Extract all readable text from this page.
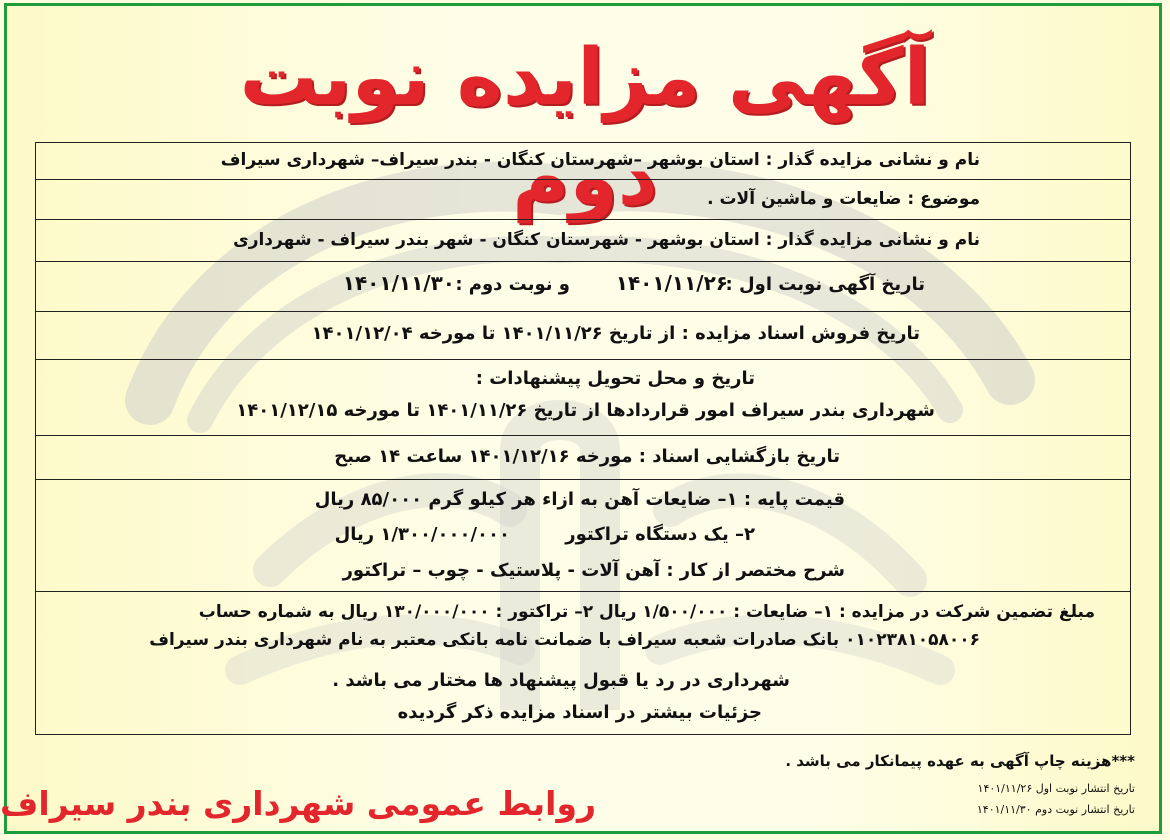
آگهی مزایده نوبت دوم
نام و نشانی مزایده گذار : استان بوشهر –شهرستان کنگان - بندر سیراف– شهرداری سیراف
موضوع : ضایعات و ماشین آلات .
نام و نشانی مزایده گذار : استان بوشهر - شهرستان کنگان - شهر بندر سیراف - شهرداری
تاریخ آگهی نوبت اول :
۱۴۰۱/۱۱/۲۶
و نوبت دوم :
۱۴۰۱/۱۱/۳۰
تاریخ فروش اسناد مزایده : از تاریخ ۱۴۰۱/۱۱/۲۶ تا مورخه ۱۴۰۱/۱۲/۰۴
تاریخ و محل تحویل پیشنهادات :
شهرداری بندر سیراف امور قراردادها از تاریخ ۱۴۰۱/۱۱/۲۶ تا مورخه ۱۴۰۱/۱۲/۱۵
تاریخ بازگشایی اسناد : مورخه ۱۴۰۱/۱۲/۱۶ ساعت ۱۴ صبح
قیمت پایه : ۱– ضایعات آهن به ازاء هر کیلو گرم ۸۵/۰۰۰ ریال
۲– یک دستگاه تراکتور
۱/۳۰۰/۰۰۰/۰۰۰ ریال
شرح مختصر از کار : آهن آلات - پلاستیک - چوب – تراکتور
مبلغ تضمین شرکت در مزایده : ۱– ضایعات : ۱/۵۰۰/۰۰۰ ریال ۲– تراکتور : ۱۳۰/۰۰۰/۰۰۰ ریال به شماره حساب
۰۱۰۲۳۸۱۰۵۸۰۰۶ بانک صادرات شعبه سیراف با ضمانت نامه بانکی معتبر به نام شهرداری بندر سیراف
شهرداری در رد یا قبول پیشنهاد ها مختار می باشد .
جزئیات بیشتر در اسناد مزایده ذکر گردیده
***هزینه چاپ آگهی به عهده پیمانکار می باشد .
تاریخ انتشار نوبت اول ۱۴۰۱/۱۱/۲۶
تاریخ انتشار نوبت دوم ۱۴۰۱/۱۱/۳۰
روابط عمومی شهرداری بندر سیراف
